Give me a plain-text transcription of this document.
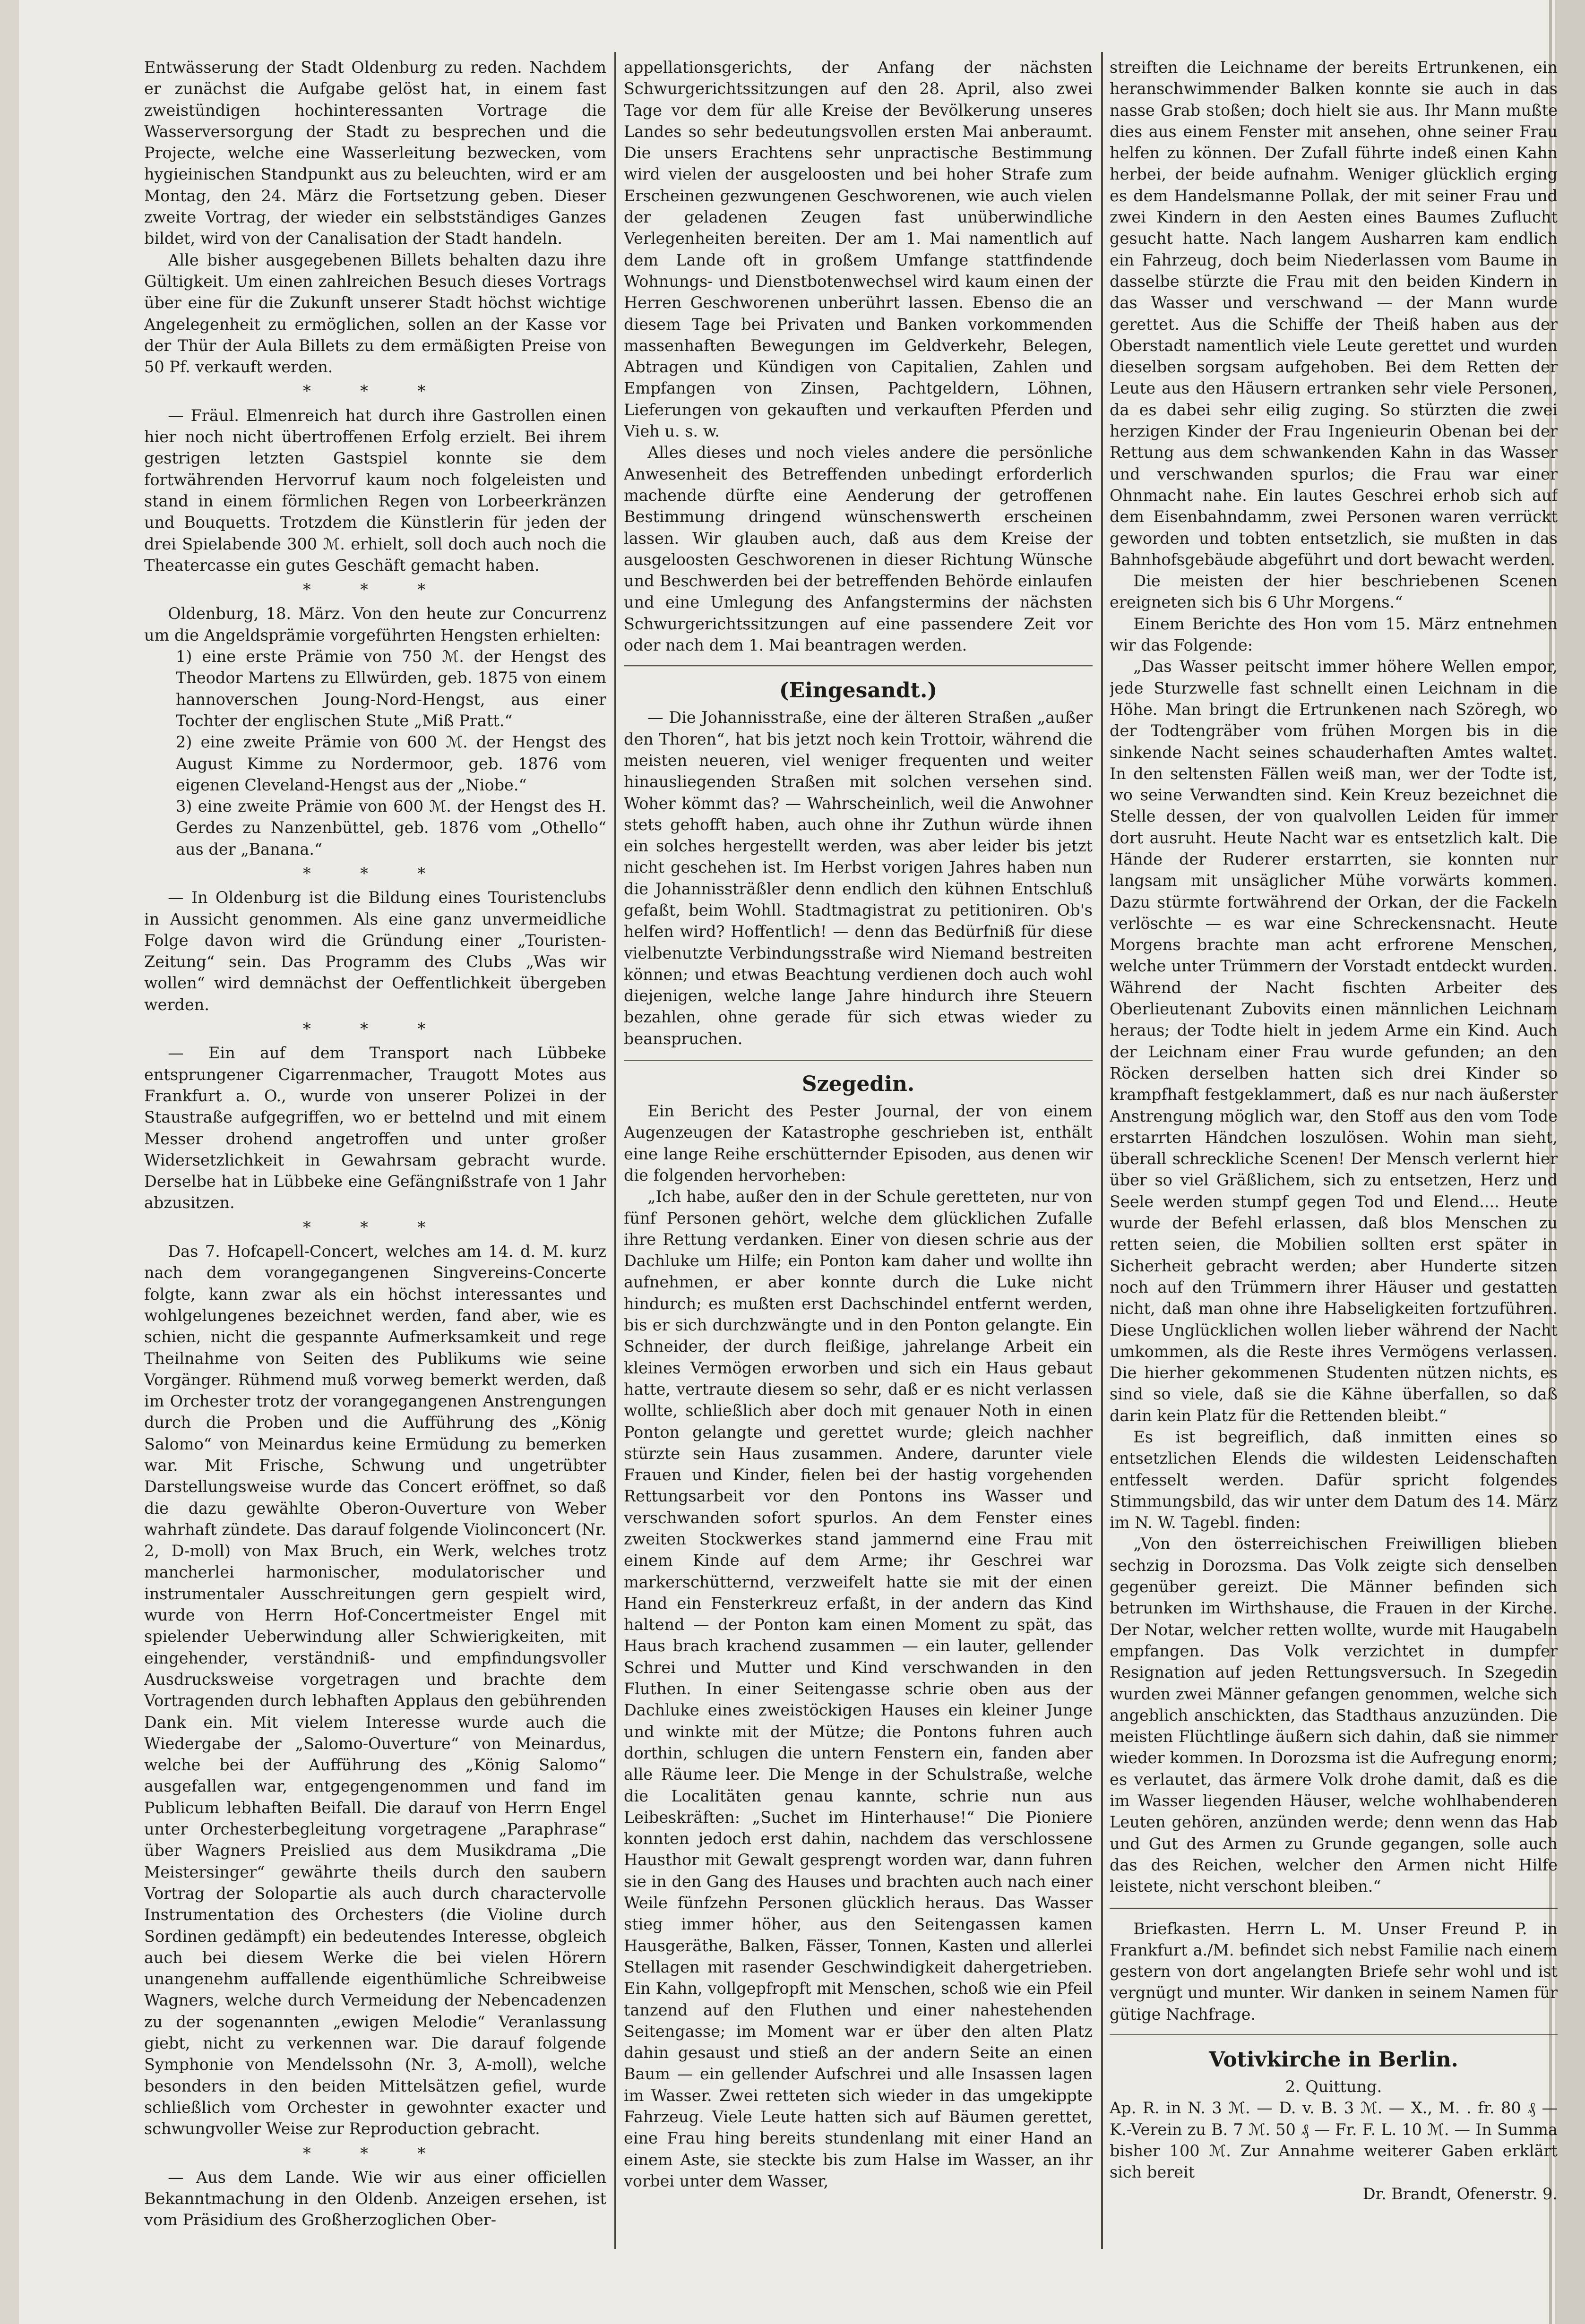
Entwässerung der Stadt Oldenburg zu reden. Nachdem er zunächst die Aufgabe gelöst hat, in einem fast zweistündigen hochinteressanten Vortrage die Wasserversorgung der Stadt zu besprechen und die Projecte, welche eine Wasserleitung bezwecken, vom hygieinischen Standpunkt aus zu beleuchten, wird er am Montag, den 24. März die Fortsetzung geben. Dieser zweite Vortrag, der wieder ein selbstständiges Ganzes bildet, wird von der Canalisation der Stadt handeln.

Alle bisher ausgegebenen Billets behalten dazu ihre Gültigkeit. Um einen zahlreichen Besuch dieses Vortrags über eine für die Zukunft unserer Stadt höchst wichtige Angelegenheit zu ermöglichen, sollen an der Kasse vor der Thür der Aula Billets zu dem ermäßigten Preise von 50 Pf. verkauft werden.

* * *

— Fräul. Elmenreich hat durch ihre Gastrollen einen hier noch nicht übertroffenen Erfolg erzielt. Bei ihrem gestrigen letzten Gastspiel konnte sie dem fortwährenden Hervorruf kaum noch folgeleisten und stand in einem förmlichen Regen von Lorbeerkränzen und Bouquetts. Trotzdem die Künstlerin für jeden der drei Spielabende 300 ℳ. erhielt, soll doch auch noch die Theatercasse ein gutes Geschäft gemacht haben.

* * *

Oldenburg, 18. März. Von den heute zur Concurrenz um die Angeldsprämie vorgeführten Hengsten erhielten:

1) eine erste Prämie von 750 ℳ. der Hengst des Theodor Martens zu Ellwürden, geb. 1875 von einem hannoverschen Joung-Nord-Hengst, aus einer Tochter der englischen Stute „Miß Pratt.“

2) eine zweite Prämie von 600 ℳ. der Hengst des August Kimme zu Nordermoor, geb. 1876 vom eigenen Cleveland-Hengst aus der „Niobe.“

3) eine zweite Prämie von 600 ℳ. der Hengst des H. Gerdes zu Nanzenbüttel, geb. 1876 vom „Othello“ aus der „Banana.“

* * *

— In Oldenburg ist die Bildung eines Touristenclubs in Aussicht genommen. Als eine ganz unvermeidliche Folge davon wird die Gründung einer „Touristen-Zeitung“ sein. Das Programm des Clubs „Was wir wollen“ wird demnächst der Oeffentlichkeit übergeben werden.

* * *

— Ein auf dem Transport nach Lübbeke entsprungener Cigarrenmacher, Traugott Motes aus Frankfurt a. O., wurde von unserer Polizei in der Staustraße aufgegriffen, wo er bettelnd und mit einem Messer drohend angetroffen und unter großer Widersetzlichkeit in Gewahrsam gebracht wurde. Derselbe hat in Lübbeke eine Gefängnißstrafe von 1 Jahr abzusitzen.

* * *

Das 7. Hofcapell-Concert, welches am 14. d. M. kurz nach dem vorangegangenen Singvereins-Concerte folgte, kann zwar als ein höchst interessantes und wohlgelungenes bezeichnet werden, fand aber, wie es schien, nicht die gespannte Aufmerksamkeit und rege Theilnahme von Seiten des Publikums wie seine Vorgänger. Rühmend muß vorweg bemerkt werden, daß im Orchester trotz der vorangegangenen Anstrengungen durch die Proben und die Aufführung des „König Salomo“ von Meinardus keine Ermüdung zu bemerken war. Mit Frische, Schwung und ungetrübter Darstellungsweise wurde das Concert eröffnet, so daß die dazu gewählte Oberon-Ouverture von Weber wahrhaft zündete. Das darauf folgende Violinconcert (Nr. 2, D-moll) von Max Bruch, ein Werk, welches trotz mancherlei harmonischer, modulatorischer und instrumentaler Ausschreitungen gern gespielt wird, wurde von Herrn Hof-Concertmeister Engel mit spielender Ueberwindung aller Schwierigkeiten, mit eingehender, verständniß- und empfindungsvoller Ausdrucksweise vorgetragen und brachte dem Vortragenden durch lebhaften Applaus den gebührenden Dank ein. Mit vielem Interesse wurde auch die Wiedergabe der „Salomo-Ouverture“ von Meinardus, welche bei der Aufführung des „König Salomo“ ausgefallen war, entgegengenommen und fand im Publicum lebhaften Beifall. Die darauf von Herrn Engel unter Orchesterbegleitung vorgetragene „Paraphrase“ über Wagners Preislied aus dem Musikdrama „Die Meistersinger“ gewährte theils durch den saubern Vortrag der Solopartie als auch durch charactervolle Instrumentation des Orchesters (die Violine durch Sordinen gedämpft) ein bedeutendes Interesse, obgleich auch bei diesem Werke die bei vielen Hörern unangenehm auffallende eigenthümliche Schreibweise Wagners, welche durch Vermeidung der Nebencadenzen zu der sogenannten „ewigen Melodie“ Veranlassung giebt, nicht zu verkennen war. Die darauf folgende Symphonie von Mendelssohn (Nr. 3, A-moll), welche besonders in den beiden Mittelsätzen gefiel, wurde schließlich vom Orchester in gewohnter exacter und schwungvoller Weise zur Reproduction gebracht.

* * *

— Aus dem Lande. Wie wir aus einer officiellen Bekanntmachung in den Oldenb. Anzeigen ersehen, ist vom Präsidium des Großherzoglichen Ober-

appellationsgerichts, der Anfang der nächsten Schwurgerichtssitzungen auf den 28. April, also zwei Tage vor dem für alle Kreise der Bevölkerung unseres Landes so sehr bedeutungsvollen ersten Mai anberaumt. Die unsers Erachtens sehr unpractische Bestimmung wird vielen der ausgeloosten und bei hoher Strafe zum Erscheinen gezwungenen Geschworenen, wie auch vielen der geladenen Zeugen fast unüberwindliche Verlegenheiten bereiten. Der am 1. Mai namentlich auf dem Lande oft in großem Umfange stattfindende Wohnungs- und Dienstbotenwechsel wird kaum einen der Herren Geschworenen unberührt lassen. Ebenso die an diesem Tage bei Privaten und Banken vorkommenden massenhaften Bewegungen im Geldverkehr, Belegen, Abtragen und Kündigen von Capitalien, Zahlen und Empfangen von Zinsen, Pachtgeldern, Löhnen, Lieferungen von gekauften und verkauften Pferden und Vieh u. s. w.

Alles dieses und noch vieles andere die persönliche Anwesenheit des Betreffenden unbedingt erforderlich machende dürfte eine Aenderung der getroffenen Bestimmung dringend wünschenswerth erscheinen lassen. Wir glauben auch, daß aus dem Kreise der ausgeloosten Geschworenen in dieser Richtung Wünsche und Beschwerden bei der betreffenden Behörde einlaufen und eine Umlegung des Anfangstermins der nächsten Schwurgerichtssitzungen auf eine passendere Zeit vor oder nach dem 1. Mai beantragen werden.

(Eingesandt.)

— Die Johannisstraße, eine der älteren Straßen „außer den Thoren“, hat bis jetzt noch kein Trottoir, während die meisten neueren, viel weniger frequenten und weiter hinausliegenden Straßen mit solchen versehen sind. Woher kömmt das? — Wahrscheinlich, weil die Anwohner stets gehofft haben, auch ohne ihr Zuthun würde ihnen ein solches hergestellt werden, was aber leider bis jetzt nicht geschehen ist. Im Herbst vorigen Jahres haben nun die Johannissträßler denn endlich den kühnen Entschluß gefaßt, beim Wohll. Stadtmagistrat zu petitioniren. Ob's helfen wird? Hoffentlich! — denn das Bedürfniß für diese vielbenutzte Verbindungsstraße wird Niemand bestreiten können; und etwas Beachtung verdienen doch auch wohl diejenigen, welche lange Jahre hindurch ihre Steuern bezahlen, ohne gerade für sich etwas wieder zu beanspruchen.

Szegedin.

Ein Bericht des Pester Journal, der von einem Augenzeugen der Katastrophe geschrieben ist, enthält eine lange Reihe erschütternder Episoden, aus denen wir die folgenden hervorheben:

„Ich habe, außer den in der Schule geretteten, nur von fünf Personen gehört, welche dem glücklichen Zufalle ihre Rettung verdanken. Einer von diesen schrie aus der Dachluke um Hilfe; ein Ponton kam daher und wollte ihn aufnehmen, er aber konnte durch die Luke nicht hindurch; es mußten erst Dachschindel entfernt werden, bis er sich durchzwängte und in den Ponton gelangte. Ein Schneider, der durch fleißige, jahrelange Arbeit ein kleines Vermögen erworben und sich ein Haus gebaut hatte, vertraute diesem so sehr, daß er es nicht verlassen wollte, schließlich aber doch mit genauer Noth in einen Ponton gelangte und gerettet wurde; gleich nachher stürzte sein Haus zusammen. Andere, darunter viele Frauen und Kinder, fielen bei der hastig vorgehenden Rettungsarbeit vor den Pontons ins Wasser und verschwanden sofort spurlos. An dem Fenster eines zweiten Stockwerkes stand jammernd eine Frau mit einem Kinde auf dem Arme; ihr Geschrei war markerschütternd, verzweifelt hatte sie mit der einen Hand ein Fensterkreuz erfaßt, in der andern das Kind haltend — der Ponton kam einen Moment zu spät, das Haus brach krachend zusammen — ein lauter, gellender Schrei und Mutter und Kind verschwanden in den Fluthen. In einer Seitengasse schrie oben aus der Dachluke eines zweistöckigen Hauses ein kleiner Junge und winkte mit der Mütze; die Pontons fuhren auch dorthin, schlugen die untern Fenstern ein, fanden aber alle Räume leer. Die Menge in der Schulstraße, welche die Localitäten genau kannte, schrie nun aus Leibeskräften: „Suchet im Hinterhause!“ Die Pioniere konnten jedoch erst dahin, nachdem das verschlossene Hausthor mit Gewalt gesprengt worden war, dann fuhren sie in den Gang des Hauses und brachten auch nach einer Weile fünfzehn Personen glücklich heraus. Das Wasser stieg immer höher, aus den Seitengassen kamen Hausgeräthe, Balken, Fässer, Tonnen, Kasten und allerlei Stellagen mit rasender Geschwindigkeit dahergetrieben. Ein Kahn, vollgepfropft mit Menschen, schoß wie ein Pfeil tanzend auf den Fluthen und einer nahestehenden Seitengasse; im Moment war er über den alten Platz dahin gesaust und stieß an der andern Seite an einen Baum — ein gellender Aufschrei und alle Insassen lagen im Wasser. Zwei retteten sich wieder in das umgekippte Fahrzeug. Viele Leute hatten sich auf Bäumen gerettet, eine Frau hing bereits stundenlang mit einer Hand an einem Aste, sie steckte bis zum Halse im Wasser, an ihr vorbei unter dem Wasser,

streiften die Leichname der bereits Ertrunkenen, ein heranschwimmender Balken konnte sie auch in das nasse Grab stoßen; doch hielt sie aus. Ihr Mann mußte dies aus einem Fenster mit ansehen, ohne seiner Frau helfen zu können. Der Zufall führte indeß einen Kahn herbei, der beide aufnahm. Weniger glücklich erging es dem Handelsmanne Pollak, der mit seiner Frau und zwei Kindern in den Aesten eines Baumes Zuflucht gesucht hatte. Nach langem Ausharren kam endlich ein Fahrzeug, doch beim Niederlassen vom Baume in dasselbe stürzte die Frau mit den beiden Kindern in das Wasser und verschwand — der Mann wurde gerettet. Aus die Schiffe der Theiß haben aus der Oberstadt namentlich viele Leute gerettet und wurden dieselben sorgsam aufgehoben. Bei dem Retten der Leute aus den Häusern ertranken sehr viele Personen, da es dabei sehr eilig zuging. So stürzten die zwei herzigen Kinder der Frau Ingenieurin Obenan bei der Rettung aus dem schwankenden Kahn in das Wasser und verschwanden spurlos; die Frau war einer Ohnmacht nahe. Ein lautes Geschrei erhob sich auf dem Eisenbahndamm, zwei Personen waren verrückt geworden und tobten entsetzlich, sie mußten in das Bahnhofsgebäude abgeführt und dort bewacht werden.

Die meisten der hier beschriebenen Scenen ereigneten sich bis 6 Uhr Morgens.“

Einem Berichte des Hon vom 15. März entnehmen wir das Folgende:

„Das Wasser peitscht immer höhere Wellen empor, jede Sturzwelle fast schnellt einen Leichnam in die Höhe. Man bringt die Ertrunkenen nach Szöregh, wo der Todtengräber vom frühen Morgen bis in die sinkende Nacht seines schauderhaften Amtes waltet. In den seltensten Fällen weiß man, wer der Todte ist, wo seine Verwandten sind. Kein Kreuz bezeichnet die Stelle dessen, der von qualvollen Leiden für immer dort ausruht. Heute Nacht war es entsetzlich kalt. Die Hände der Ruderer erstarrten, sie konnten nur langsam mit unsäglicher Mühe vorwärts kommen. Dazu stürmte fortwährend der Orkan, der die Fackeln verlöschte — es war eine Schreckensnacht. Heute Morgens brachte man acht erfrorene Menschen, welche unter Trümmern der Vorstadt entdeckt wurden. Während der Nacht fischten Arbeiter des Oberlieutenant Zubovits einen männlichen Leichnam heraus; der Todte hielt in jedem Arme ein Kind. Auch der Leichnam einer Frau wurde gefunden; an den Röcken derselben hatten sich drei Kinder so krampfhaft festgeklammert, daß es nur nach äußerster Anstrengung möglich war, den Stoff aus den vom Tode erstarrten Händchen loszulösen. Wohin man sieht, überall schreckliche Scenen! Der Mensch verlernt hier über so viel Gräßlichem, sich zu entsetzen, Herz und Seele werden stumpf gegen Tod und Elend.... Heute wurde der Befehl erlassen, daß blos Menschen zu retten seien, die Mobilien sollten erst später in Sicherheit gebracht werden; aber Hunderte sitzen noch auf den Trümmern ihrer Häuser und gestatten nicht, daß man ohne ihre Habseligkeiten fortzuführen. Diese Unglücklichen wollen lieber während der Nacht umkommen, als die Reste ihres Vermögens verlassen. Die hierher gekommenen Studenten nützen nichts, es sind so viele, daß sie die Kähne überfallen, so daß darin kein Platz für die Rettenden bleibt.“

Es ist begreiflich, daß inmitten eines so entsetzlichen Elends die wildesten Leidenschaften entfesselt werden. Dafür spricht folgendes Stimmungsbild, das wir unter dem Datum des 14. März im N. W. Tagebl. finden:

„Von den österreichischen Freiwilligen blieben sechzig in Dorozsma. Das Volk zeigte sich denselben gegenüber gereizt. Die Männer befinden sich betrunken im Wirthshause, die Frauen in der Kirche. Der Notar, welcher retten wollte, wurde mit Haugabeln empfangen. Das Volk verzichtet in dumpfer Resignation auf jeden Rettungsversuch. In Szegedin wurden zwei Männer gefangen genommen, welche sich angeblich anschickten, das Stadthaus anzuzünden. Die meisten Flüchtlinge äußern sich dahin, daß sie nimmer wieder kommen. In Dorozsma ist die Aufregung enorm; es verlautet, das ärmere Volk drohe damit, daß es die im Wasser liegenden Häuser, welche wohlhabenderen Leuten gehören, anzünden werde; denn wenn das Hab und Gut des Armen zu Grunde gegangen, solle auch das des Reichen, welcher den Armen nicht Hilfe leistete, nicht verschont bleiben.“

Briefkasten. Herrn L. M. Unser Freund P. in Frankfurt a./M. befindet sich nebst Familie nach einem gestern von dort angelangten Briefe sehr wohl und ist vergnügt und munter. Wir danken in seinem Namen für gütige Nachfrage.

Votivkirche in Berlin.

2. Quittung.

Ap. R. in N. 3 ℳ. — D. v. B. 3 ℳ. — X., M. . fr. 80 ₰ — K.-Verein zu B. 7 ℳ. 50 ₰ — Fr. F. L. 10 ℳ. — In Summa bisher 100 ℳ. Zur Annahme weiterer Gaben erklärt sich bereit

Dr. Brandt, Ofenerstr. 9.
